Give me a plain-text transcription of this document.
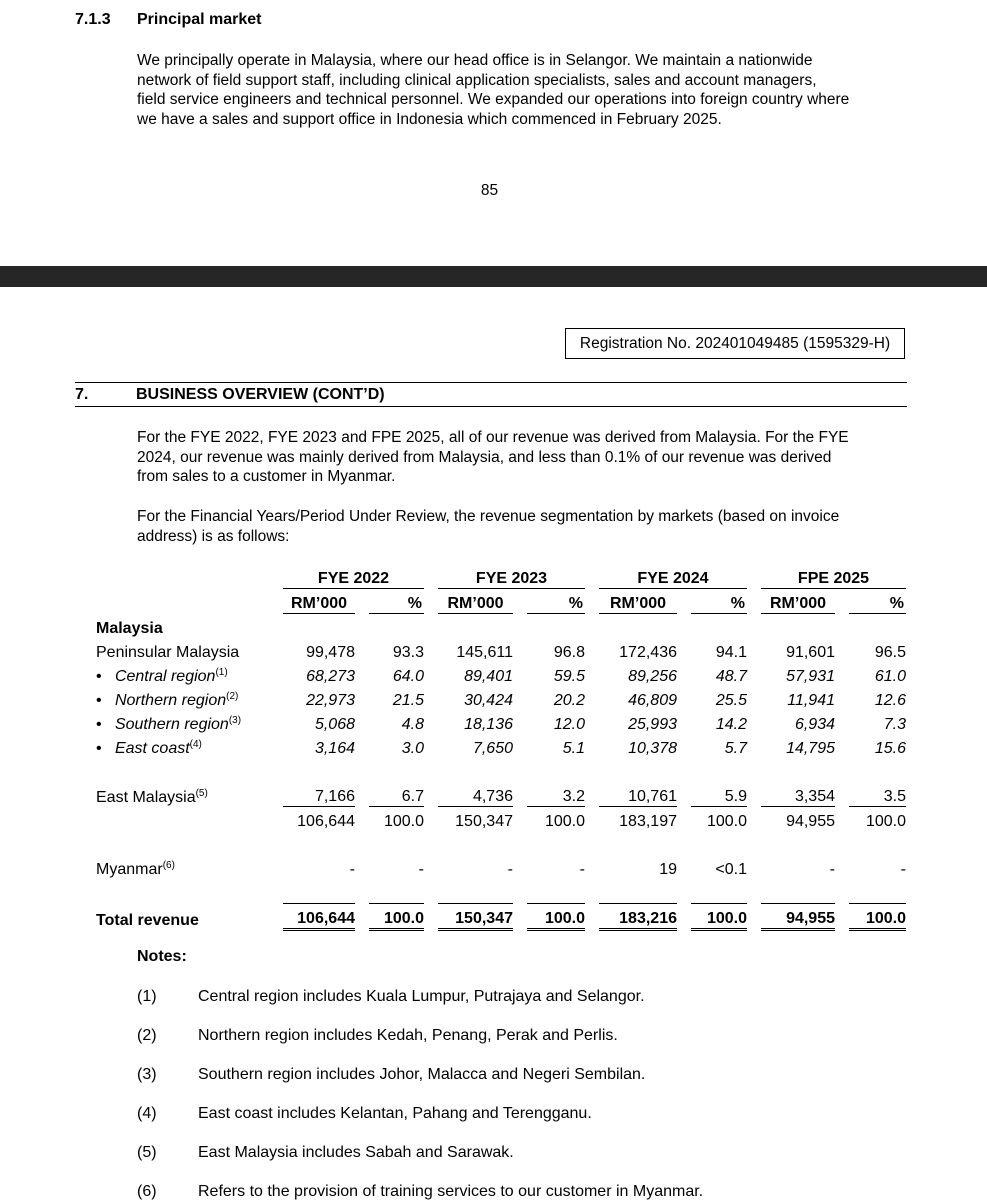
7.1.3 Principal market
We principally operate in Malaysia, where our head office is in Selangor. We maintain a nationwide
network of field support staff, including clinical application specialists, sales and account managers,
field service engineers and technical personnel. We expanded our operations into foreign country where
we have a sales and support office in Indonesia which commenced in February 2025.
85
Registration No. 202401049485 (1595329-H)
7.	BUSINESS OVERVIEW (CONT’D)
For the FYE 2022, FYE 2023 and FPE 2025, all of our revenue was derived from Malaysia. For the FYE
2024, our revenue was mainly derived from Malaysia, and less than 0.1% of our revenue was derived
from sales to a customer in Myanmar.
For the Financial Years/Period Under Review, the revenue segmentation by markets (based on invoice
address) is as follows:
	FYE 2022				FYE 2023				FYE 2024				FPE 2025		
	RM’000		%		RM’000		%		RM’000		%		RM’000		%
Malaysia															
Peninsular Malaysia	99,478		93.3		145,611		96.8		172,436		94.1		91,601		96.5
• Central region$^{(1)}$	68,273		64.0		89,401		59.5		89,256		48.7		57,931		61.0
• Northern region$^{(2)}$	22,973		21.5		30,424		20.2		46,809		25.5		11,941		12.6
• Southern region$^{(3)}$	5,068		4.8		18,136		12.0		25,993		14.2		6,934		7.3
• East coast$^{(4)}$	3,164		3.0		7,650		5.1		10,378		5.7		14,795		15.6

East Malaysia$^{(5)}$	7,166		6.7		4,736		3.2		10,761		5.9		3,354		3.5
	106,644		100.0		150,347		100.0		183,197		100.0		94,955		100.0

Myanmar$^{(6)}$	-		-		-		-		19		<0.1		-		-

Total revenue	106,644		100.0		150,347		100.0		183,216		100.0		94,955		100.0
Notes:
(1)	Central region includes Kuala Lumpur, Putrajaya and Selangor.
(2)	Northern region includes Kedah, Penang, Perak and Perlis.
(3)	Southern region includes Johor, Malacca and Negeri Sembilan.
(4)	East coast includes Kelantan, Pahang and Terengganu.
(5)	East Malaysia includes Sabah and Sarawak.
(6)	Refers to the provision of training services to our customer in Myanmar.
